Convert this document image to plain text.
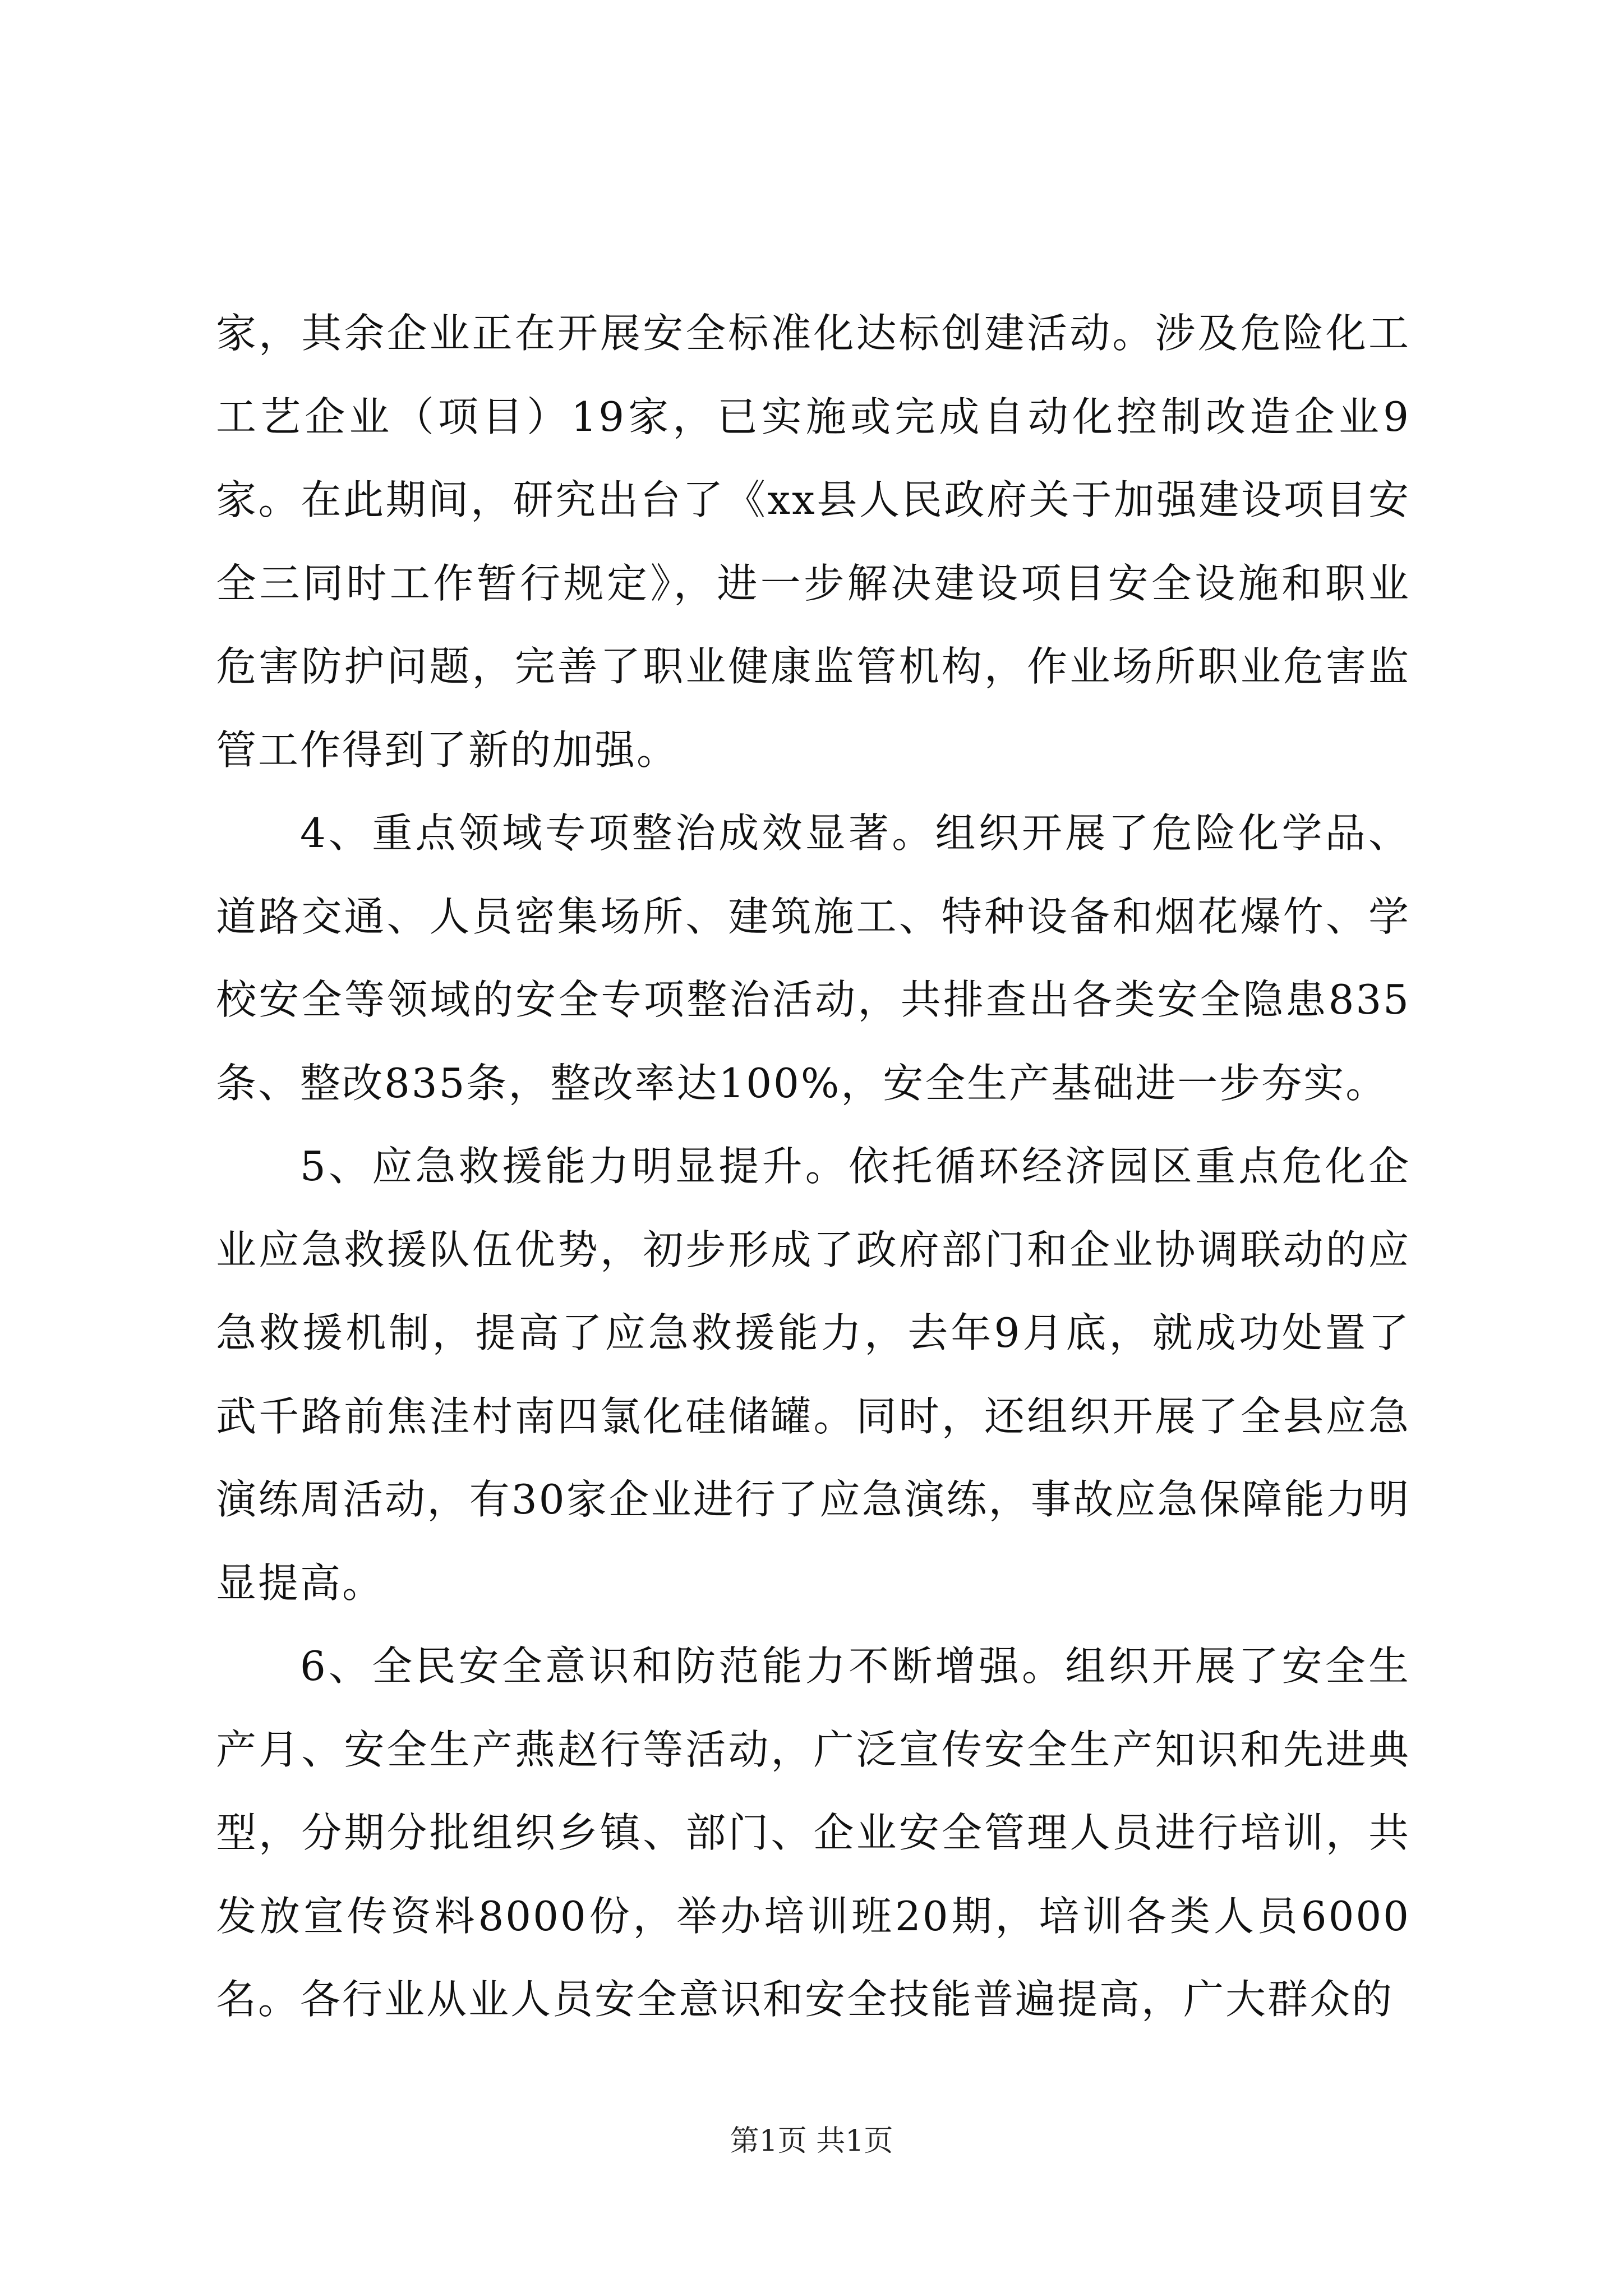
家，其余企业正在开展安全标准化达标创建活动。涉及危险化工工艺企业（项目）19家，已实施或完成自动化控制改造企业9家。在此期间，研究出台了《xx县人民政府关于加强建设项目安全三同时工作暂行规定》，进一步解决建设项目安全设施和职业危害防护问题，完善了职业健康监管机构，作业场所职业危害监管工作得到了新的加强。

4、重点领域专项整治成效显著。组织开展了危险化学品、道路交通、人员密集场所、建筑施工、特种设备和烟花爆竹、学校安全等领域的安全专项整治活动，共排查出各类安全隐患835条、整改835条，整改率达100%，安全生产基础进一步夯实。

5、应急救援能力明显提升。依托循环经济园区重点危化企业应急救援队伍优势，初步形成了政府部门和企业协调联动的应急救援机制，提高了应急救援能力，去年9月底，就成功处置了武千路前焦洼村南四氯化硅储罐。同时，还组织开展了全县应急演练周活动，有30家企业进行了应急演练，事故应急保障能力明显提高。

6、全民安全意识和防范能力不断增强。组织开展了安全生产月、安全生产燕赵行等活动，广泛宣传安全生产知识和先进典型，分期分批组织乡镇、部门、企业安全管理人员进行培训，共发放宣传资料8000份，举办培训班20期，培训各类人员6000名。各行业从业人员安全意识和安全技能普遍提高，广大群众的

第1页 共1页
